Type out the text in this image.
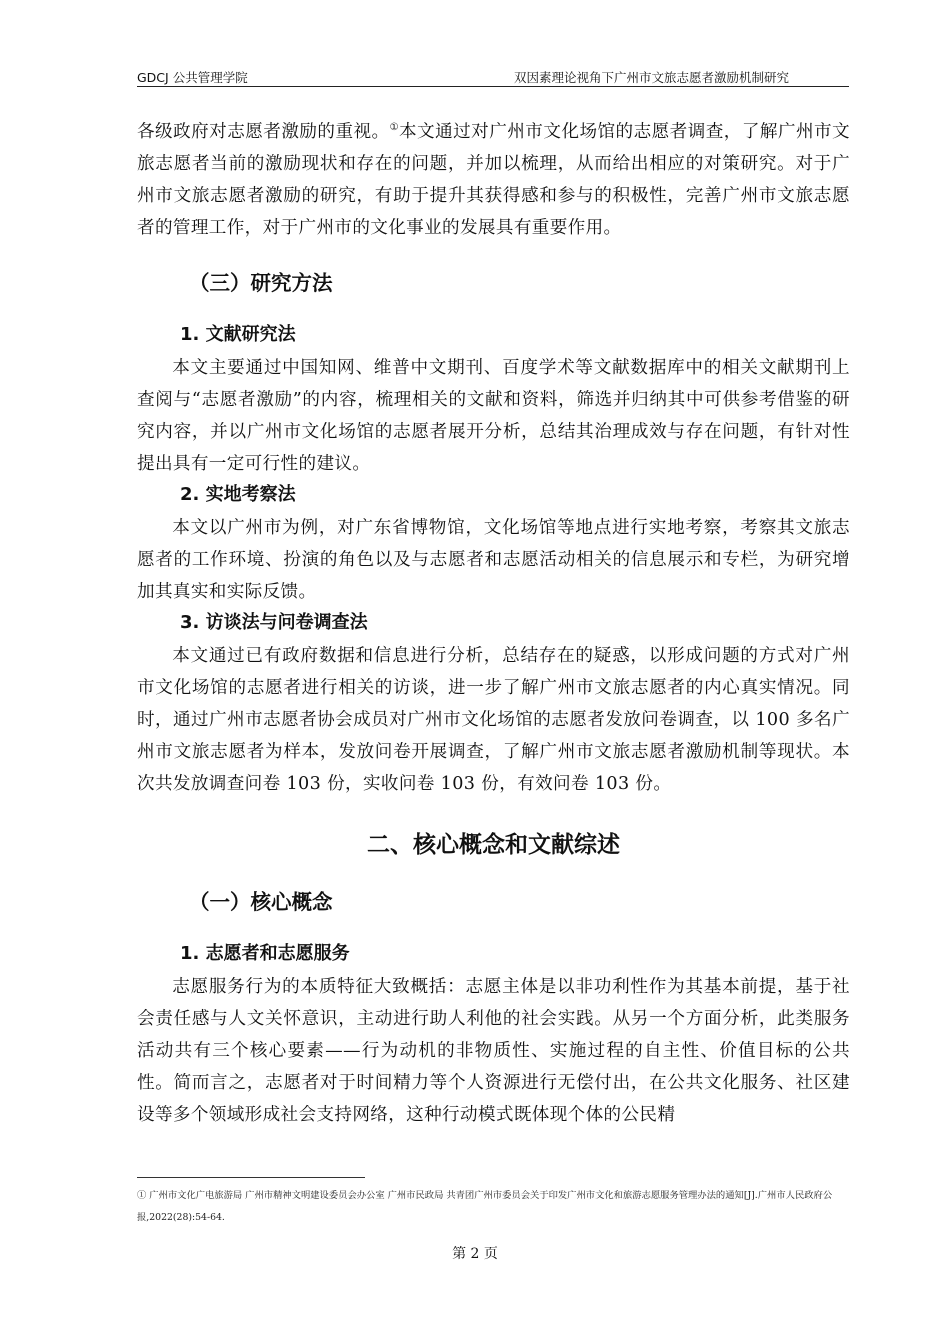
GDCJ 公共管理学院	双因素理论视角下广州市文旅志愿者激励机制研究

各级政府对志愿者激励的重视。①本文通过对广州市文化场馆的志愿者调查，了解广州市文旅志愿者当前的激励现状和存在的问题，并加以梳理，从而给出相应的对策研究。对于广州市文旅志愿者激励的研究，有助于提升其获得感和参与的积极性，完善广州市文旅志愿者的管理工作，对于广州市的文化事业的发展具有重要作用。

（三）研究方法
1. 文献研究法

本文主要通过中国知网、维普中文期刊、百度学术等文献数据库中的相关文献期刊上查阅与“志愿者激励”的内容，梳理相关的文献和资料，筛选并归纳其中可供参考借鉴的研究内容，并以广州市文化场馆的志愿者展开分析，总结其治理成效与存在问题，有针对性提出具有一定可行性的建议。

2. 实地考察法

本文以广州市为例，对广东省博物馆，文化场馆等地点进行实地考察，考察其文旅志愿者的工作环境、扮演的角色以及与志愿者和志愿活动相关的信息展示和专栏，为研究增加其真实和实际反馈。

3. 访谈法与问卷调查法

本文通过已有政府数据和信息进行分析，总结存在的疑惑，以形成问题的方式对广州市文化场馆的志愿者进行相关的访谈，进一步了解广州市文旅志愿者的内心真实情况。同时，通过广州市志愿者协会成员对广州市文化场馆的志愿者发放问卷调查，以 100 多名广州市文旅志愿者为样本，发放问卷开展调查，了解广州市文旅志愿者激励机制等现状。本次共发放调查问卷 103 份，实收问卷 103 份，有效问卷 103 份。

二、核心概念和文献综述
（一）核心概念
1. 志愿者和志愿服务

志愿服务行为的本质特征大致概括：志愿主体是以非功利性作为其基本前提，基于社会责任感与人文关怀意识，主动进行助人利他的社会实践。从另一个方面分析，此类服务活动共有三个核心要素——行为动机的非物质性、实施过程的自主性、价值目标的公共性。简而言之，志愿者对于时间精力等个人资源进行无偿付出，在公共文化服务、社区建设等多个领域形成社会支持网络，这种行动模式既体现个体的公民精

① 广州市文化广电旅游局 广州市精神文明建设委员会办公室 广州市民政局 共青团广州市委员会关于印发广州市文化和旅游志愿服务管理办法的通知[J].广州市人民政府公报,2022(28):54-64.
第 2 页
